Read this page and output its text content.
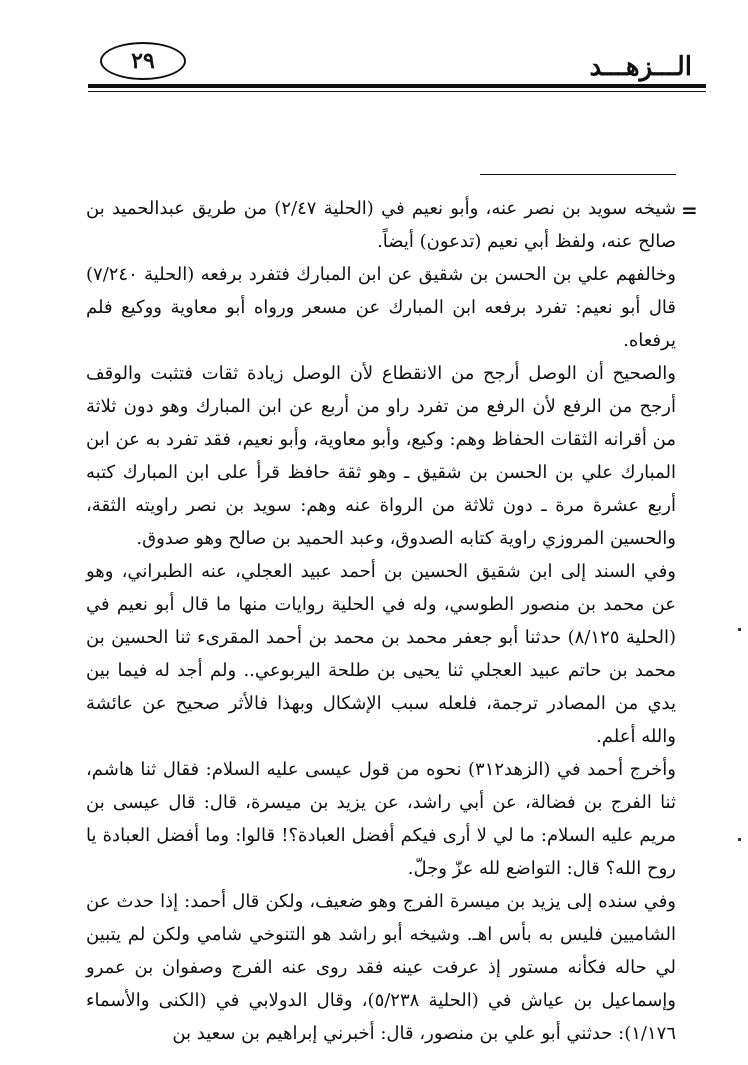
٢٩	الـــزهـــد
=

شيخه سويد بن نصر عنه، وأبو نعيم في (الحلية ٢/٤٧) من طريق عبدالحميد بن صالح عنه، ولفظ أبي نعيم (تدعون) أيضاً.

وخالفهم علي بن الحسن بن شقيق عن ابن المبارك فتفرد برفعه (الحلية ٧/٢٤٠) قال أبو نعيم: تفرد برفعه ابن المبارك عن مسعر ورواه أبو معاوية ووكيع فلم يرفعاه.

والصحيح أن الوصل أرجح من الانقطاع لأن الوصل زيادة ثقات فتثبت والوقف أرجح من الرفع لأن الرفع من تفرد راو من أربع عن ابن المبارك وهو دون ثلاثة من أقرانه الثقات الحفاظ وهم: وكيع، وأبو معاوية، وأبو نعيم، فقد تفرد به عن ابن المبارك علي بن الحسن بن شقيق ـ وهو ثقة حافظ قرأ على ابن المبارك كتبه أربع عشرة مرة ـ دون ثلاثة من الرواة عنه وهم: سويد بن نصر راويته الثقة، والحسين المروزي راوية كتابه الصدوق، وعبد الحميد بن صالح وهو صدوق.

وفي السند إلى ابن شقيق الحسين بن أحمد عبيد العجلي، عنه الطبراني، وهو عن محمد بن منصور الطوسي، وله في الحلية روايات منها ما قال أبو نعيم في (الحلية ٨/١٢٥) حدثنا أبو جعفر محمد بن محمد بن أحمد المقرىء ثنا الحسين بن محمد بن حاتم عبيد العجلي ثنا يحيى بن طلحة اليربوعي.. ولم أجد له فيما بين يدي من المصادر ترجمة، فلعله سبب الإشكال وبهذا فالأثر صحيح عن عائشة والله أعلم.

وأخرج أحمد في (الزهد٣١٢) نحوه من قول عيسى عليه السلام: فقال ثنا هاشم، ثنا الفرج بن فضالة، عن أبي راشد، عن يزيد بن ميسرة، قال: قال عيسى بن مريم عليه السلام: ما لي لا أرى فيكم أفضل العبادة؟! قالوا: وما أفضل العبادة يا روح الله؟ قال: التواضع لله عزّ وجلّ.

وفي سنده إلى يزيد بن ميسرة الفرج وهو ضعيف، ولكن قال أحمد: إذا حدث عن الشاميين فليس به بأس اهـ. وشيخه أبو راشد هو التنوخي شامي ولكن لم يتبين لي حاله فكأنه مستور إذ عرفت عينه فقد روى عنه الفرج وصفوان بن عمرو وإسماعيل بن عياش في (الحلية ٥/٢٣٨)، وقال الدولابي في (الكنى والأسماء ١/١٧٦): حدثني أبو علي بن منصور، قال: أخبرني إبراهيم بن سعيد بن
